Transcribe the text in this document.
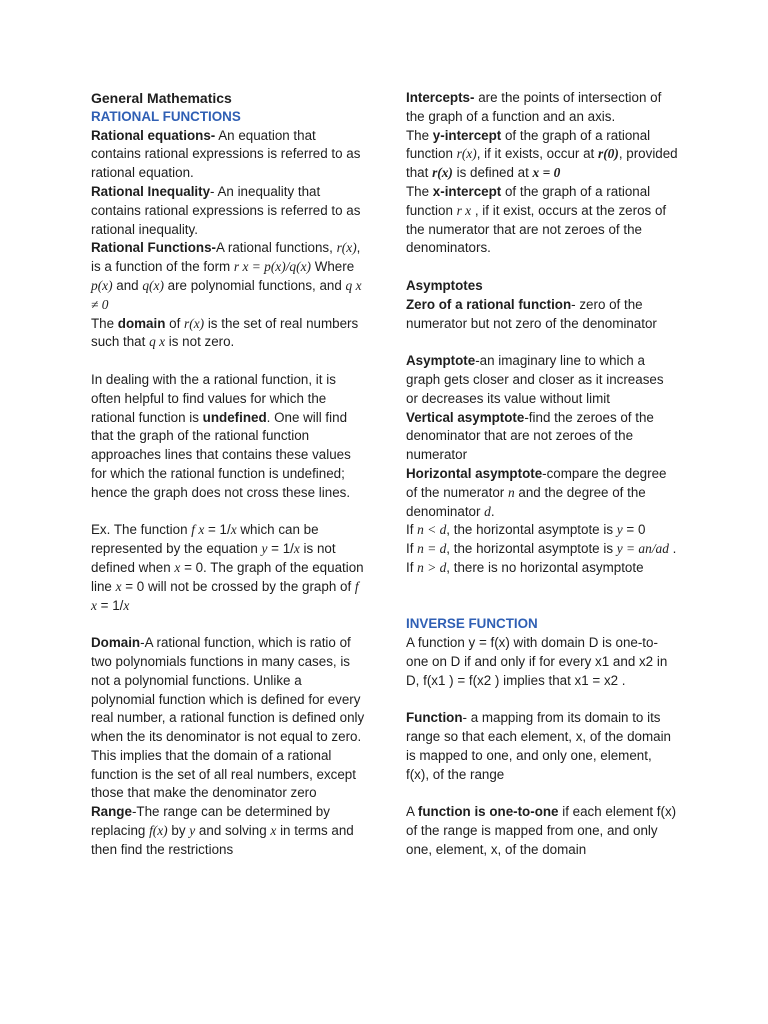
General Mathematics
RATIONAL FUNCTIONS
Rational equations- An equation that contains rational expressions is referred to as rational equation.
Rational Inequality- An inequality that contains rational expressions is referred to as rational inequality.
Rational Functions-A rational functions, r(x), is a function of the form r x = p(x)/q(x) Where p(x) and q(x) are polynomial functions, and q x ≠ 0
The domain of r(x) is the set of real numbers such that q x is not zero.
In dealing with the a rational function, it is often helpful to find values for which the rational function is undefined. One will find that the graph of the rational function approaches lines that contains these values for which the rational function is undefined; hence the graph does not cross these lines.
Ex. The function f x = 1/x which can be represented by the equation y = 1/x is not defined when x = 0. The graph of the equation line x = 0 will not be crossed by the graph of f x = 1/x
Domain-A rational function, which is ratio of two polynomials functions in many cases, is not a polynomial functions. Unlike a polynomial function which is defined for every real number, a rational function is defined only when the its denominator is not equal to zero. This implies that the domain of a rational function is the set of all real numbers, except those that make the denominator zero
Range-The range can be determined by replacing f(x) by y and solving x in terms and then find the restrictions
Intercepts- are the points of intersection of the graph of a function and an axis.
The y-intercept of the graph of a rational function r(x), if it exists, occur at r(0), provided that r(x) is defined at x = 0
The x-intercept of the graph of a rational function r x , if it exist, occurs at the zeros of the numerator that are not zeroes of the denominators.
Asymptotes
Zero of a rational function- zero of the numerator but not zero of the denominator
Asymptote-an imaginary line to which a graph gets closer and closer as it increases or decreases its value without limit
Vertical asymptote-find the zeroes of the denominator that are not zeroes of the numerator
Horizontal asymptote-compare the degree of the numerator n and the degree of the denominator d.
If n < d, the horizontal asymptote is y = 0
If n = d, the horizontal asymptote is y = an/ad .
If n > d, there is no horizontal asymptote
INVERSE FUNCTION
A function y = f(x) with domain D is one-to-one on D if and only if for every x1 and x2 in D, f(x1 ) = f(x2 ) implies that x1 = x2 .
Function- a mapping from its domain to its range so that each element, x, of the domain is mapped to one, and only one, element, f(x), of the range
A function is one-to-one if each element f(x) of the range is mapped from one, and only one, element, x, of the domain
